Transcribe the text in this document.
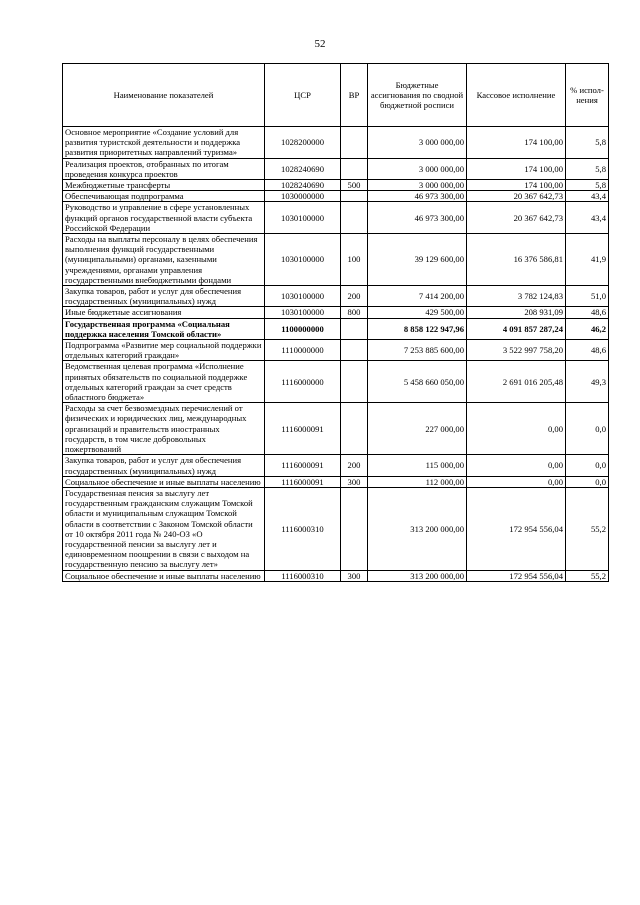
52
Наименование показателей	ЦСР	ВР	Бюджетные ассигнования по сводной бюджетной росписи	Кассовое исполнение	% испол-нения
Основное мероприятие «Создание условий для развития туристской деятельности и поддержка развития приоритетных направлений туризма»	1028200000		3 000 000,00	174 100,00	5,8
Реализация проектов, отобранных по итогам проведения конкурса проектов	1028240690		3 000 000,00	174 100,00	5,8
Межбюджетные трансферты	1028240690	500	3 000 000,00	174 100,00	5,8
Обеспечивающая подпрограмма	1030000000		46 973 300,00	20 367 642,73	43,4
Руководство и управление в сфере установленных функций органов государственной власти субъекта Российской Федерации	1030100000		46 973 300,00	20 367 642,73	43,4
Расходы на выплаты персоналу в целях обеспечения выполнения функций государственными (муниципальными) органами, казенными учреждениями, органами управления государственными внебюджетными фондами	1030100000	100	39 129 600,00	16 376 586,81	41,9
Закупка товаров, работ и услуг для обеспечения государственных (муниципальных) нужд	1030100000	200	7 414 200,00	3 782 124,83	51,0
Иные бюджетные ассигнования	1030100000	800	429 500,00	208 931,09	48,6
Государственная программа «Социальная поддержка населения Томской области»	1100000000		8 858 122 947,96	4 091 857 287,24	46,2
Подпрограмма «Развитие мер социальной поддержки отдельных категорий граждан»	1110000000		7 253 885 600,00	3 522 997 758,20	48,6
Ведомственная целевая программа «Исполнение принятых обязательств по социальной поддержке отдельных категорий граждан за счет средств областного бюджета»	1116000000		5 458 660 050,00	2 691 016 205,48	49,3
Расходы за счет безвозмездных перечислений от физических и юридических лиц, международных организаций и правительств иностранных государств, в том числе добровольных пожертвований	1116000091		227 000,00	0,00	0,0
Закупка товаров, работ и услуг для обеспечения государственных (муниципальных) нужд	1116000091	200	115 000,00	0,00	0,0
Социальное обеспечение и иные выплаты населению	1116000091	300	112 000,00	0,00	0,0
Государственная пенсия за выслугу лет государственным гражданским служащим Томской области и муниципальным служащим Томской области в соответствии с Законом Томской области от 10 октября 2011 года № 240-ОЗ «О государственной пенсии за выслугу лет и единовременном поощрении в связи с выходом на государственную пенсию за выслугу лет»	1116000310		313 200 000,00	172 954 556,04	55,2
Социальное обеспечение и иные выплаты населению	1116000310	300	313 200 000,00	172 954 556,04	55,2
